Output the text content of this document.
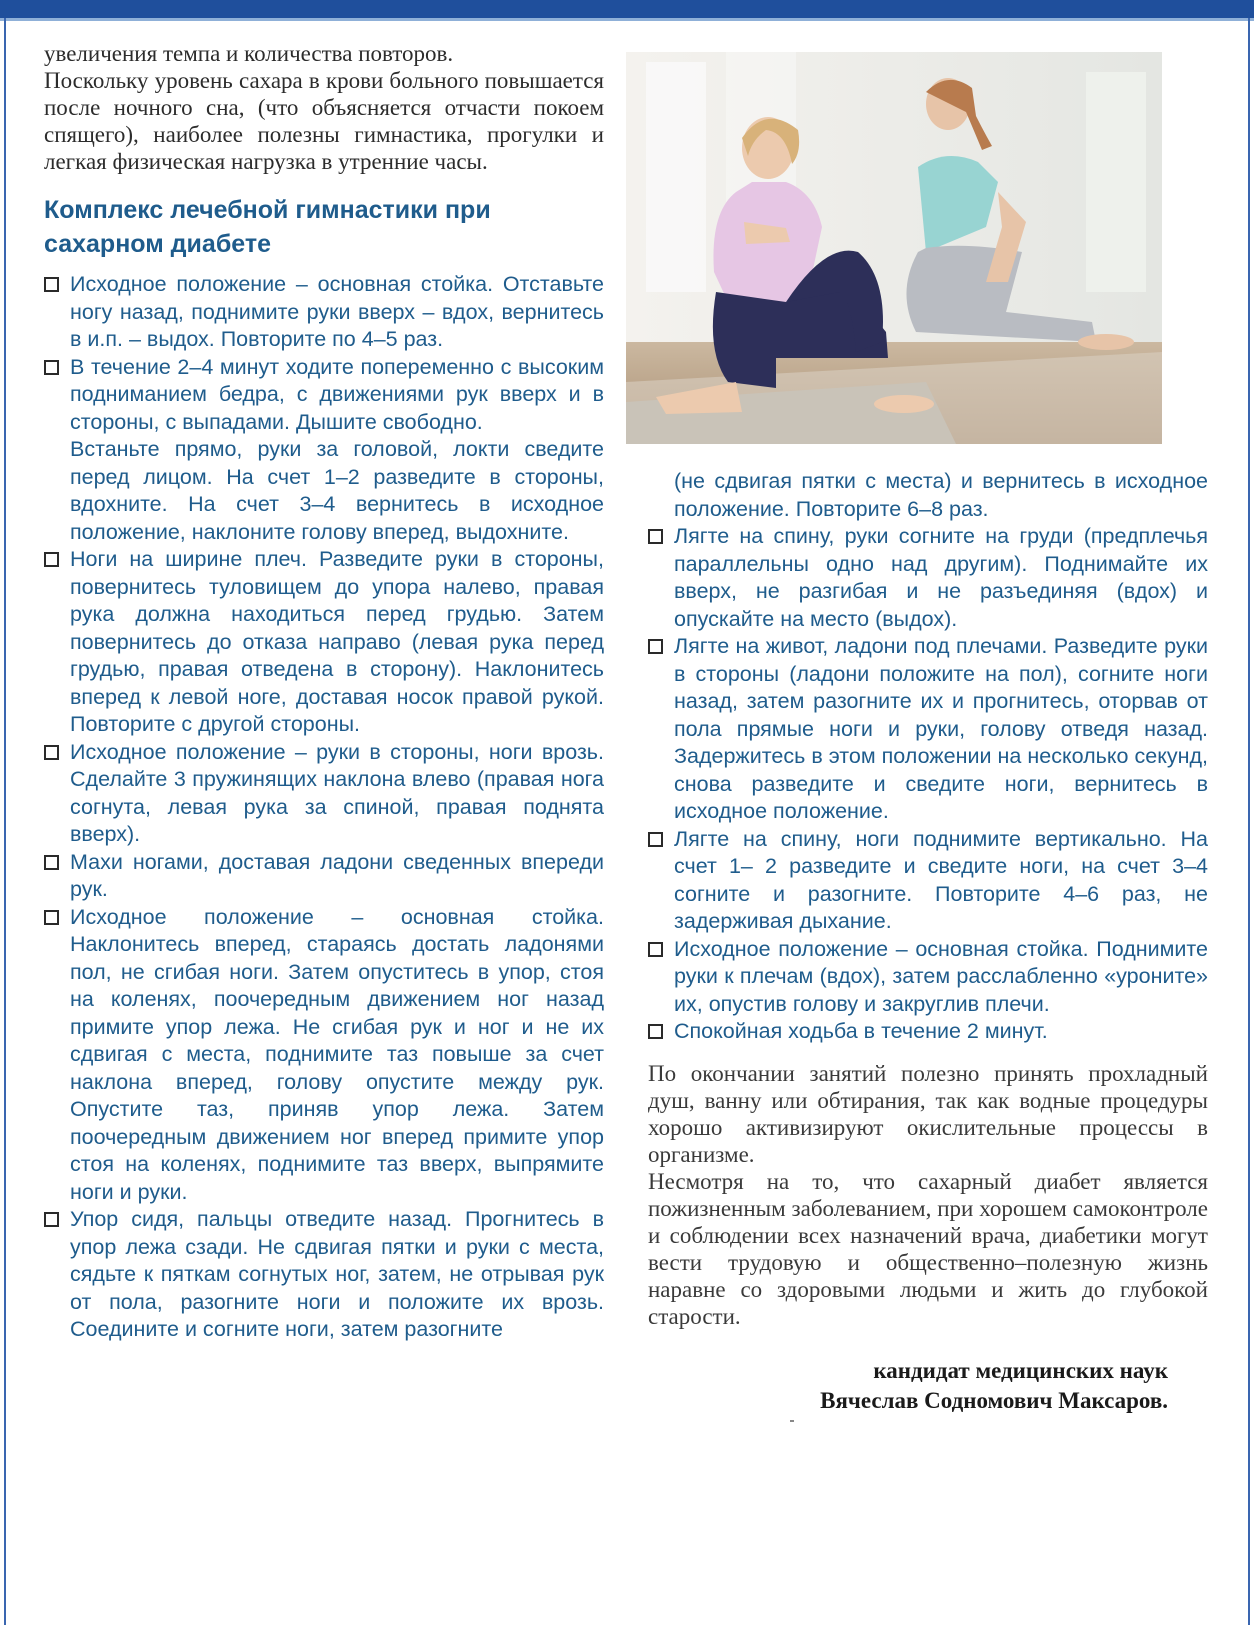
увеличения темпа и количества повторов.

Поскольку уровень сахара в крови больного повышается после ночного сна, (что объясняется отчасти покоем спящего), наиболее полезны гимнастика, прогулки и легкая физическая нагрузка в утренние часы.

Комплекс лечебной гимнастики при сахарном диабете

Исходное положение – основная стойка. Отставьте ногу назад, поднимите руки вверх – вдох, вернитесь в и.п. – выдох. Повторите по 4–5 раз.

В течение 2–4 минут ходите попеременно с высоким подниманием бедра, с движениями рук вверх и в стороны, с выпадами. Дышите свободно.

Встаньте прямо, руки за головой, локти сведите перед лицом. На счет 1–2 разведите в стороны, вдохните. На счет 3–4 вернитесь в исходное положение, наклоните голову вперед, выдохните.

Ноги на ширине плеч. Разведите руки в стороны, повернитесь туловищем до упора налево, правая рука должна находиться перед грудью. Затем повернитесь до отказа направо (левая рука перед грудью, правая отведена в сторону). Наклонитесь вперед к левой ноге, доставая носок правой рукой. Повторите с другой стороны.

Исходное положение – руки в стороны, ноги врозь. Сделайте 3 пружинящих наклона влево (правая нога согнута, левая рука за спиной, правая поднята вверх).

Махи ногами, доставая ладони сведенных впереди рук.

Исходное положение – основная стойка. Наклонитесь вперед, стараясь достать ладонями пол, не сгибая ноги. Затем опуститесь в упор, стоя на коленях, поочередным движением ног назад примите упор лежа. Не сгибая рук и ног и не их сдвигая с места, поднимите таз повыше за счет наклона вперед, голову опустите между рук. Опустите таз, приняв упор лежа. Затем поочередным движением ног вперед примите упор стоя на коленях, поднимите таз вверх, выпрямите ноги и руки.

Упор сидя, пальцы отведите назад. Прогнитесь в упор лежа сзади. Не сдвигая пятки и руки с места, сядьте к пяткам согнутых ног, затем, не отрывая рук от пола, разогните ноги и положите их врозь. Соедините и согните ноги, затем разогните

(не сдвигая пятки с места) и вернитесь в исходное положение. Повторите 6–8 раз.

Лягте на спину, руки согните на груди (предплечья параллельны одно над другим). Поднимайте их вверх, не разгибая и не разъединяя (вдох) и опускайте на место (выдох).

Лягте на живот, ладони под плечами. Разведите руки в стороны (ладони положите на пол), согните ноги назад, затем разогните их и прогнитесь, оторвав от пола прямые ноги и руки, голову отведя назад. Задержитесь в этом положении на несколько секунд, снова разведите и сведите ноги, вернитесь в исходное положение.

Лягте на спину, ноги поднимите вертикально. На счет 1– 2 разведите и сведите ноги, на счет 3–4 согните и разогните. Повторите 4–6 раз, не задерживая дыхание.

Исходное положение – основная стойка. Поднимите руки к плечам (вдох), затем расслабленно «уроните» их, опустив голову и закруглив плечи.

Спокойная ходьба в течение 2 минут.

По окончании занятий полезно принять прохладный душ, ванну или обтирания, так как водные процедуры хорошо активизируют окислительные процессы в организме.

Несмотря на то, что сахарный диабет является пожизненным заболеванием, при хорошем самоконтроле и соблюдении всех назначений врача, диабетики могут вести трудовую и общественно–полезную жизнь наравне со здоровыми людьми и жить до глубокой старости.

кандидат медицинских наук
Вячеслав Содномович Максаров.
